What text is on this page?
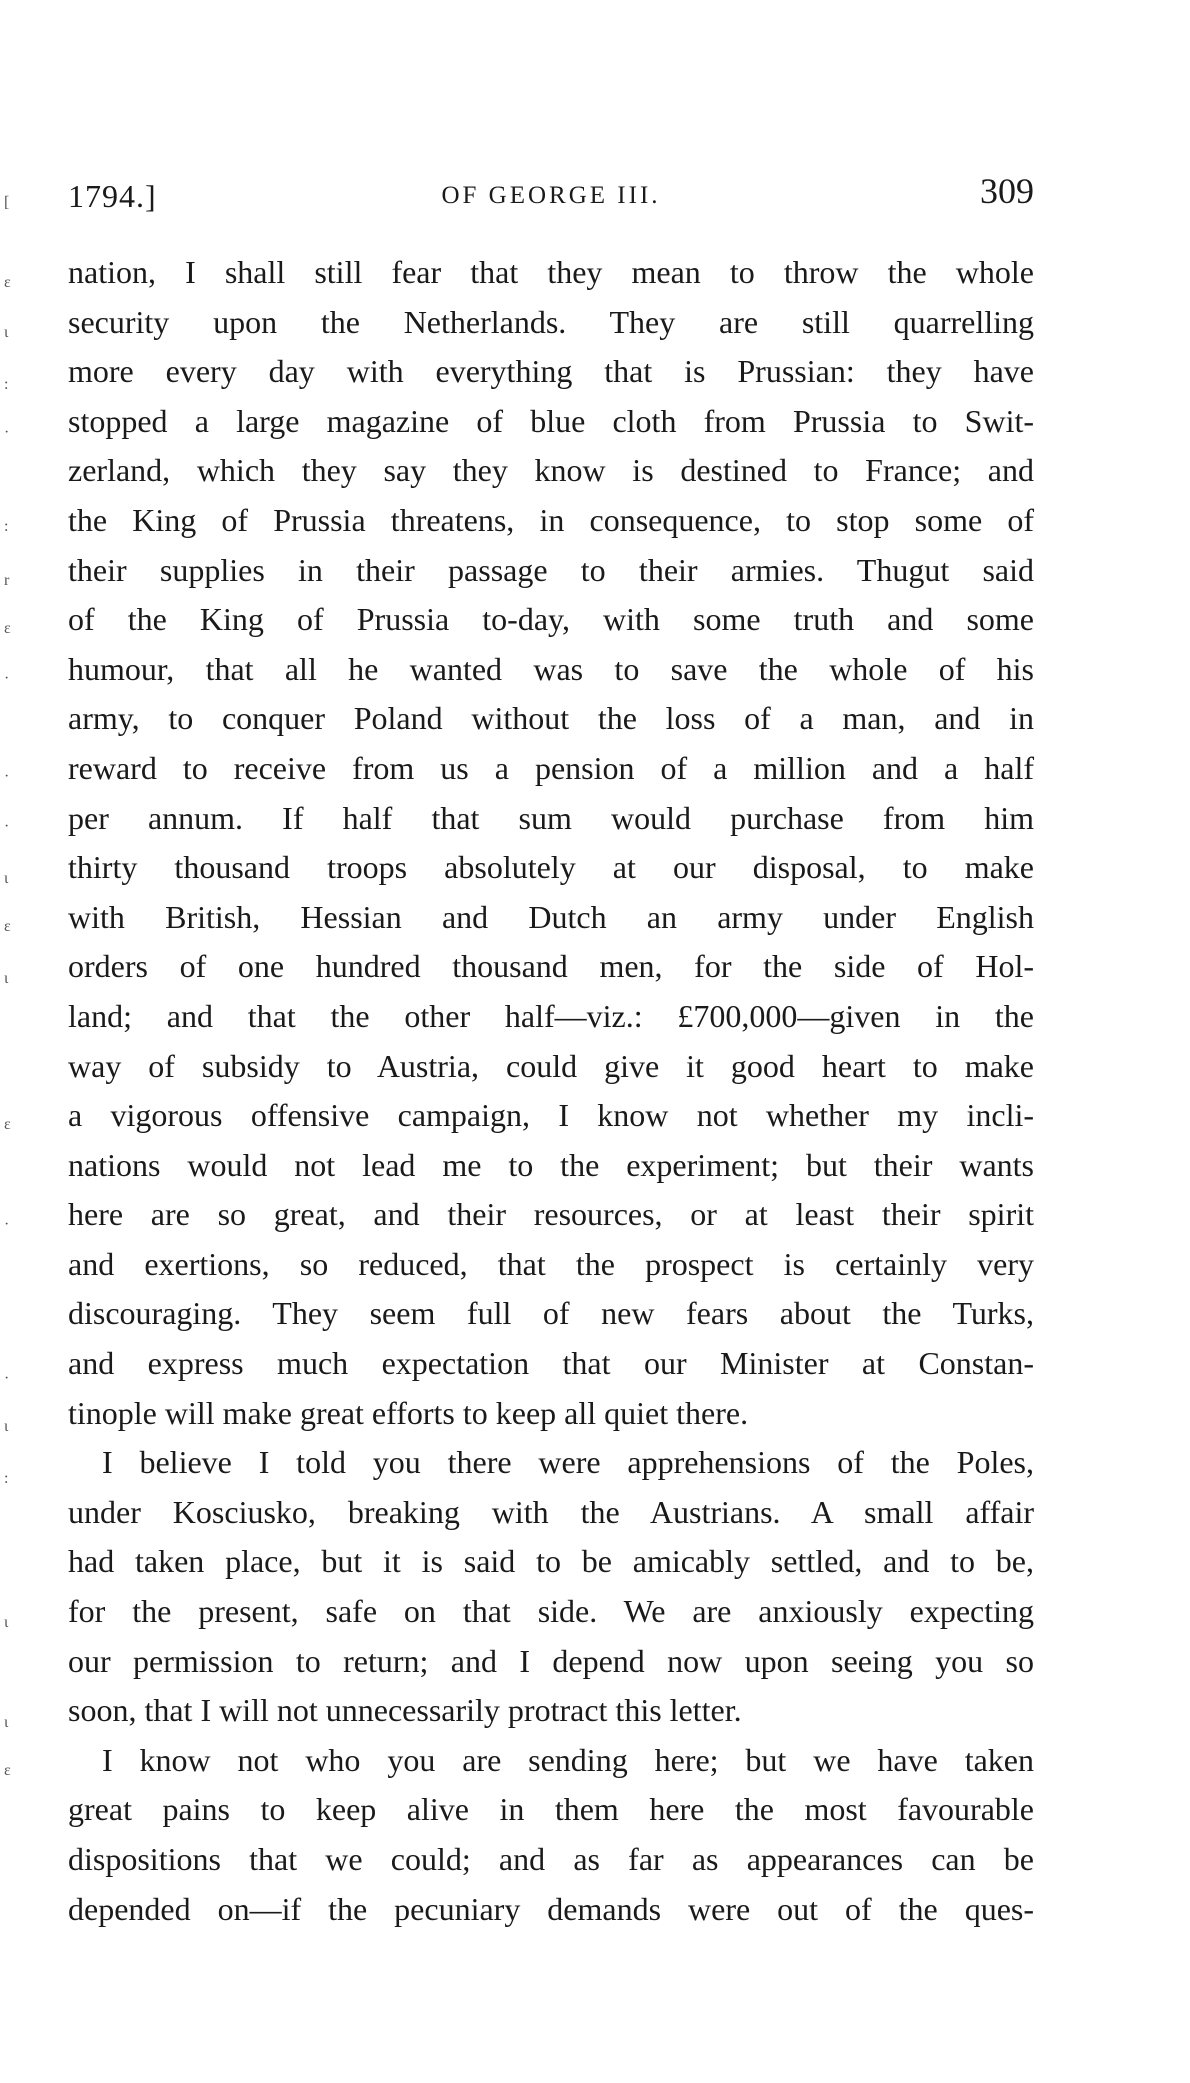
[
ε
ι
:
·
:
r
ε
·
·
·
ι
ε
ι
ε
·
·
ι
:
ι
ι
ε
1794.]	OF GEORGE III.	309
nation, I shall still fear that they mean to throw the whole
security upon the Netherlands. They are still quarrelling
more every day with everything that is Prussian: they have
stopped a large magazine of blue cloth from Prussia to Swit-
zerland, which they say they know is destined to France; and
the King of Prussia threatens, in consequence, to stop some of
their supplies in their passage to their armies. Thugut said
of the King of Prussia to-day, with some truth and some
humour, that all he wanted was to save the whole of his
army, to conquer Poland without the loss of a man, and in
reward to receive from us a pension of a million and a half
per annum. If half that sum would purchase from him
thirty thousand troops absolutely at our disposal, to make
with British, Hessian and Dutch an army under English
orders of one hundred thousand men, for the side of Hol-
land; and that the other half—viz.: £700,000—given in the
way of subsidy to Austria, could give it good heart to make
a vigorous offensive campaign, I know not whether my incli-
nations would not lead me to the experiment; but their wants
here are so great, and their resources, or at least their spirit
and exertions, so reduced, that the prospect is certainly very
discouraging. They seem full of new fears about the Turks,
and express much expectation that our Minister at Constan-
tinople will make great efforts to keep all quiet there.
I believe I told you there were apprehensions of the Poles,
under Kosciusko, breaking with the Austrians. A small affair
had taken place, but it is said to be amicably settled, and to be,
for the present, safe on that side. We are anxiously expecting
our permission to return; and I depend now upon seeing you so
soon, that I will not unnecessarily protract this letter.
I know not who you are sending here; but we have taken
great pains to keep alive in them here the most favourable
dispositions that we could; and as far as appearances can be
depended on—if the pecuniary demands were out of the ques-
